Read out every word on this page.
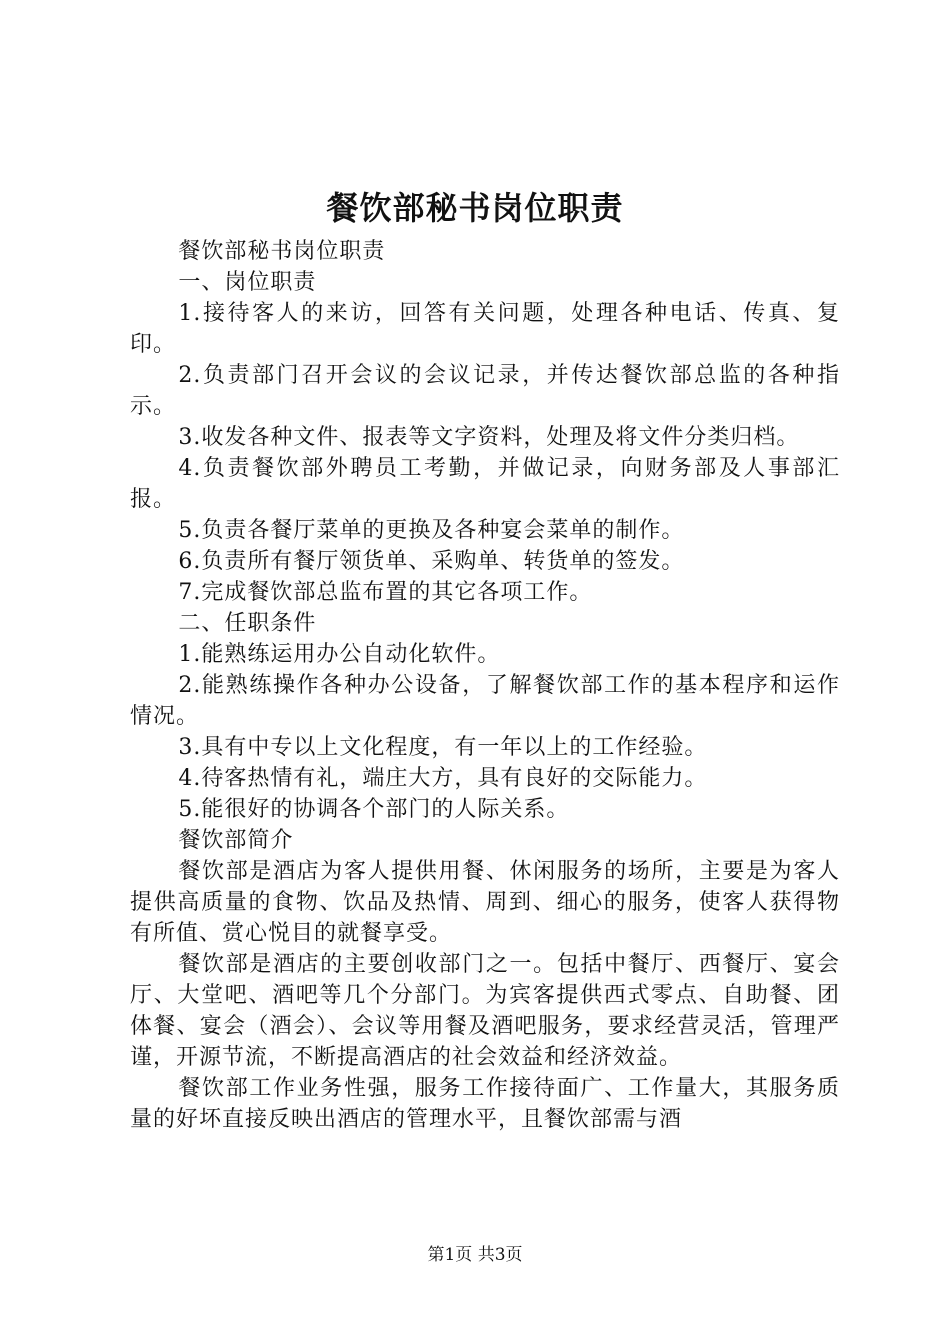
餐饮部秘书岗位职责

餐饮部秘书岗位职责

一、岗位职责

1.接待客人的来访，回答有关问题，处理各种电话、传真、复印。

2.负责部门召开会议的会议记录，并传达餐饮部总监的各种指示。

3.收发各种文件、报表等文字资料，处理及将文件分类归档。

4.负责餐饮部外聘员工考勤，并做记录，向财务部及人事部汇报。

5.负责各餐厅菜单的更换及各种宴会菜单的制作。

6.负责所有餐厅领货单、采购单、转货单的签发。

7.完成餐饮部总监布置的其它各项工作。

二、任职条件

1.能熟练运用办公自动化软件。

2.能熟练操作各种办公设备，了解餐饮部工作的基本程序和运作情况。

3.具有中专以上文化程度，有一年以上的工作经验。

4.待客热情有礼，端庄大方，具有良好的交际能力。

5.能很好的协调各个部门的人际关系。

餐饮部简介

餐饮部是酒店为客人提供用餐、休闲服务的场所，主要是为客人提供高质量的食物、饮品及热情、周到、细心的服务，使客人获得物有所值、赏心悦目的就餐享受。

餐饮部是酒店的主要创收部门之一。包括中餐厅、西餐厅、宴会厅、大堂吧、酒吧等几个分部门。为宾客提供西式零点、自助餐、团体餐、宴会（酒会）、会议等用餐及酒吧服务，要求经营灵活，管理严谨，开源节流，不断提高酒店的社会效益和经济效益。

餐饮部工作业务性强，服务工作接待面广、工作量大，其服务质量的好坏直接反映出酒店的管理水平，且餐饮部需与酒

第1页 共3页
